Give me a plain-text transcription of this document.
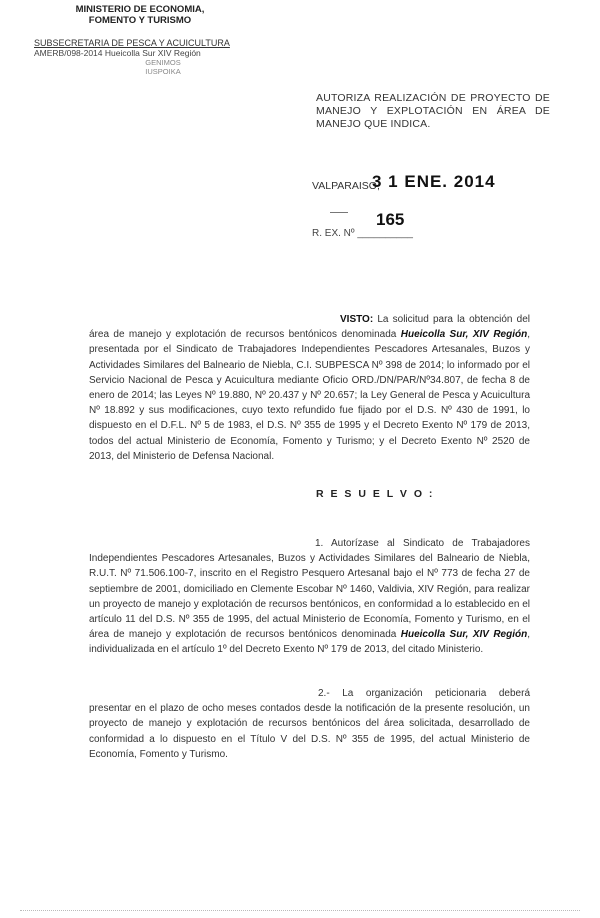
MINISTERIO DE ECONOMIA,
FOMENTO Y TURISMO
SUBSECRETARIA DE PESCA Y ACUICULTURA
AMERB/098-2014 Hueicolla Sur XIV Región
GENIMOS
IUSPOIKA
AUTORIZA REALIZACIÓN DE PROYECTO DE MANEJO Y EXPLOTACIÓN EN ÁREA DE MANEJO QUE INDICA.
VALPARAISO,
3 1 ENE. 2014
165
R. EX. Nº __________
VISTO: La solicitud para la obtención del área de manejo y explotación de recursos bentónicos denominada Hueicolla Sur, XIV Región, presentada por el Sindicato de Trabajadores Independientes Pescadores Artesanales, Buzos y Actividades Similares del Balneario de Niebla, C.I. SUBPESCA Nº 398 de 2014; lo informado por el Servicio Nacional de Pesca y Acuicultura mediante Oficio ORD./DN/PAR/Nº34.807, de fecha 8 de enero de 2014; las Leyes Nº 19.880, Nº 20.437 y Nº 20.657; la Ley General de Pesca y Acuicultura Nº 18.892 y sus modificaciones, cuyo texto refundido fue fijado por el D.S. Nº 430 de 1991, lo dispuesto en el D.F.L. Nº 5 de 1983, el D.S. Nº 355 de 1995 y el Decreto Exento Nº 179 de 2013, todos del actual Ministerio de Economía, Fomento y Turismo; y el Decreto Exento Nº 2520 de 2013, del Ministerio de Defensa Nacional.
R E S U E L V O :
1. Autorízase al Sindicato de Trabajadores Independientes Pescadores Artesanales, Buzos y Actividades Similares del Balneario de Niebla, R.U.T. Nº 71.506.100-7, inscrito en el Registro Pesquero Artesanal bajo el Nº 773 de fecha 27 de septiembre de 2001, domiciliado en Clemente Escobar Nº 1460, Valdivia, XIV Región, para realizar un proyecto de manejo y explotación de recursos bentónicos, en conformidad a lo establecido en el artículo 11 del D.S. Nº 355 de 1995, del actual Ministerio de Economía, Fomento y Turismo, en el área de manejo y explotación de recursos bentónicos denominada Hueicolla Sur, XIV Región, individualizada en el artículo 1º del Decreto Exento Nº 179 de 2013, del citado Ministerio.
2.- La organización peticionaria deberá presentar en el plazo de ocho meses contados desde la notificación de la presente resolución, un proyecto de manejo y explotación de recursos bentónicos del área solicitada, desarrollado de conformidad a lo dispuesto en el Título V del D.S. Nº 355 de 1995, del actual Ministerio de Economía, Fomento y Turismo.
